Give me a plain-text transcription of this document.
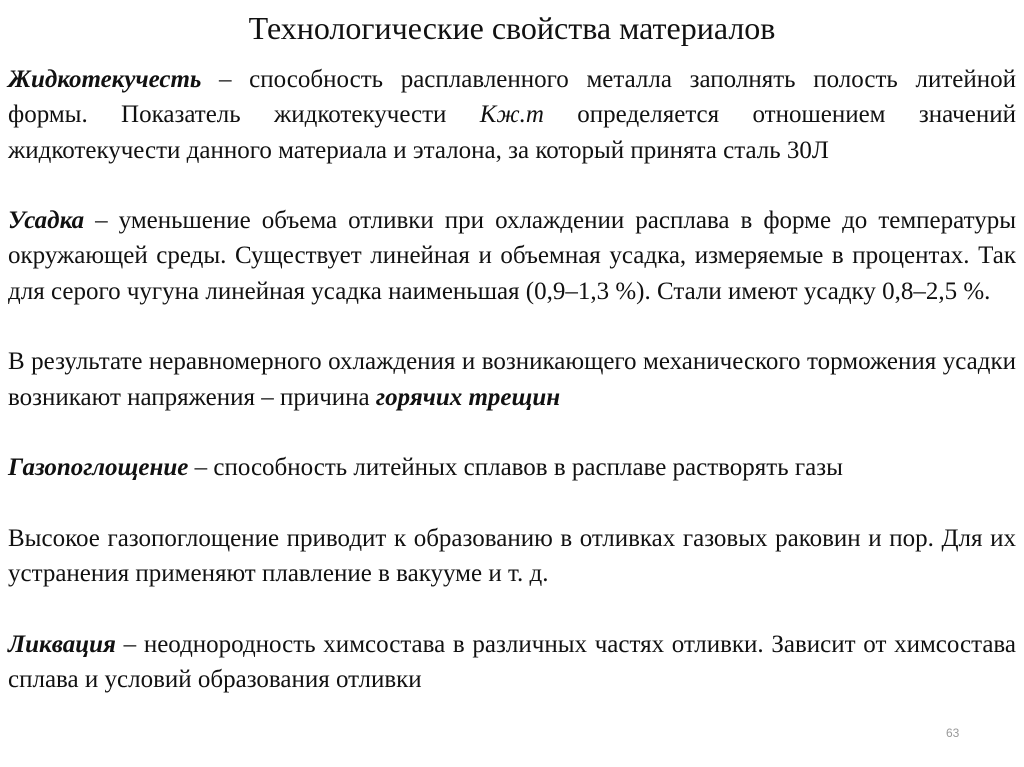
Технологические свойства материалов

Жидкотекучесть – способность расплавленного металла заполнять полость литейной формы. Показатель жидкотекучести Кж.т определяется отношением значений жидкотекучести данного материала и эталона, за который принята сталь 30Л

Усадка – уменьшение объема отливки при охлаждении расплава в форме до температуры окружающей среды. Существует линейная и объемная усадка, измеряемые в процентах. Так для серого чугуна линейная усадка наименьшая (0,9–1,3 %). Стали имеют усадку 0,8–2,5 %.

В результате неравномерного охлаждения и возникающего механического торможения усадки возникают напряжения – причина горячих трещин

Газопоглощение – способность литейных сплавов в расплаве растворять газы

Высокое газопоглощение приводит к образованию в отливках газовых раковин и пор. Для их устранения применяют плавление в вакууме и т. д.

Ликвация – неоднородность химсостава в различных частях отливки. Зависит от химсостава сплава и условий образования отливки

63
